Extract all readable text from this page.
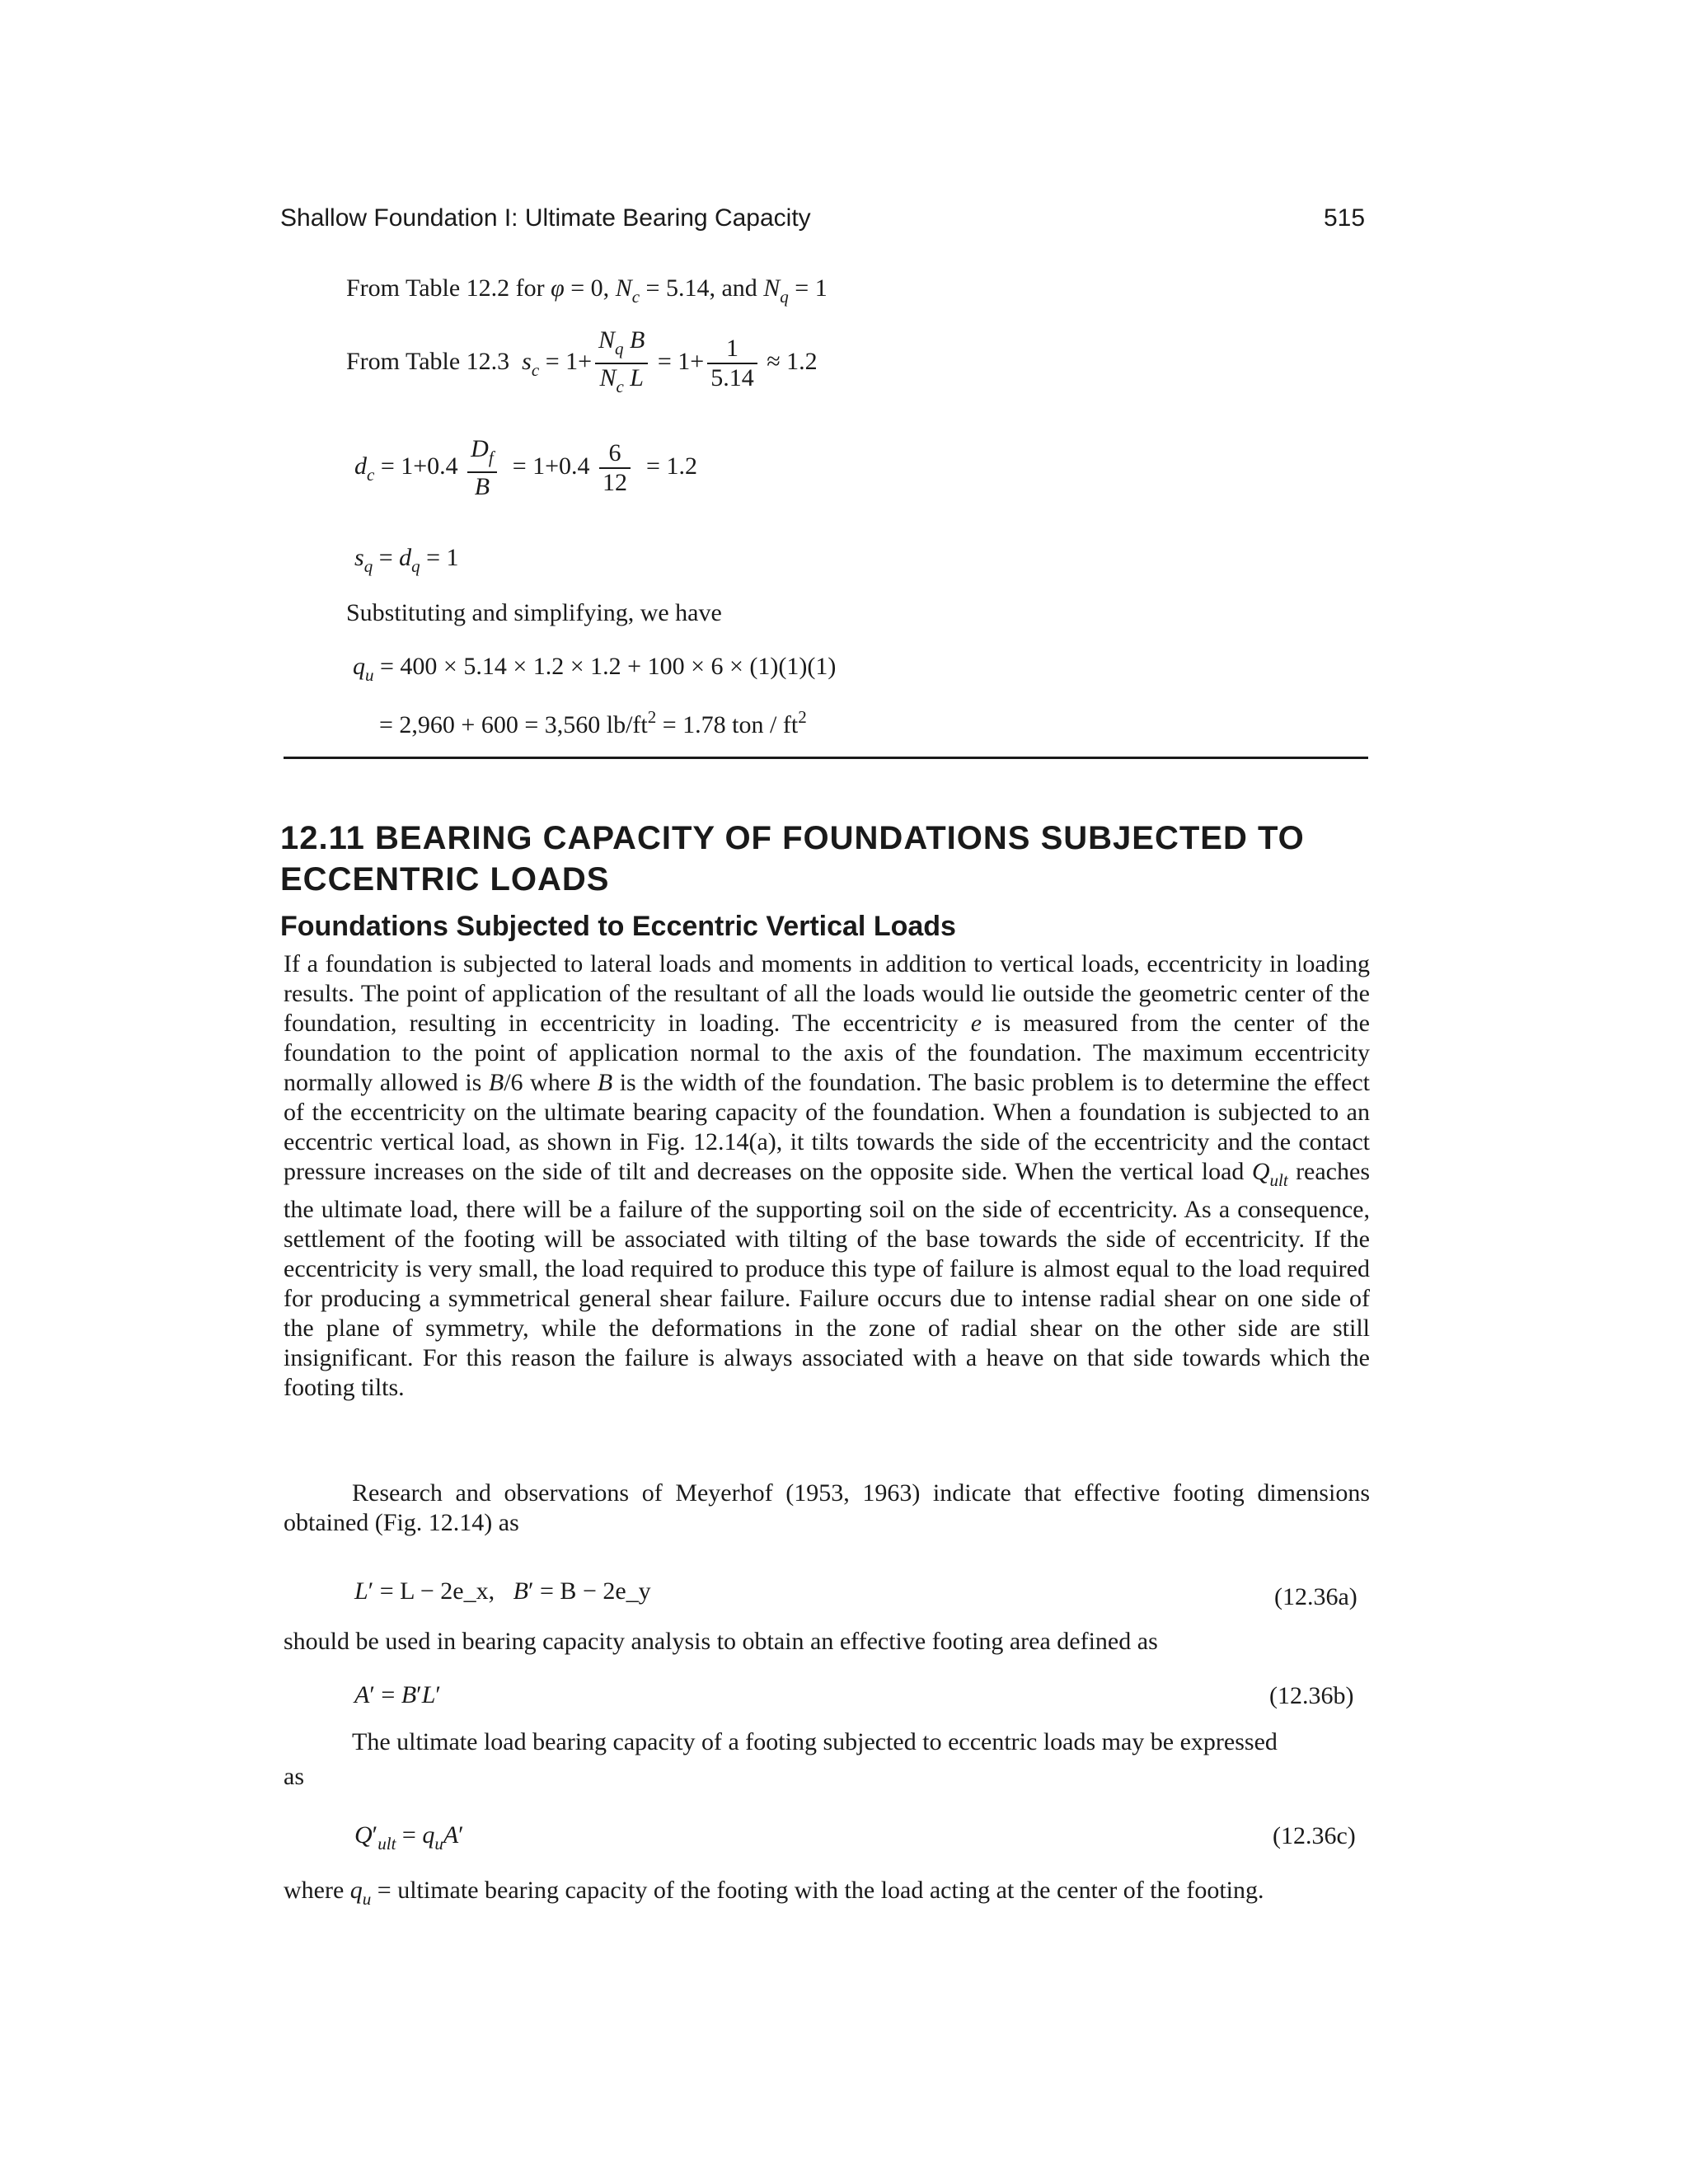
Shallow Foundation I: Ultimate Bearing Capacity	515
From Table 12.2 for φ = 0, $N_c = 5.14$, and $N_q = 1$
From Table 12.3  $s_c = 1+ \frac{N_q B}{N_c L} = 1+ \frac{1}{5.14} \approx 1.2$
$d_c = 1+0.4 \frac{D_f}{B} = 1+0.4 \frac{6}{12} = 1.2$
$s_q = d_q = 1$
Substituting and simplifying, we have
$q_u = 400 \times 5.14 \times 1.2 \times 1.2 + 100 \times 6 \times (1)(1)(1)$
= 2,960 + 600 = 3,560 $lb/ft^2 = 1.78$ ton / $ft^2$
12.11 BEARING CAPACITY OF FOUNDATIONS SUBJECTED TO
ECCENTRIC LOADS
Foundations Subjected to Eccentric Vertical Loads
If a foundation is subjected to lateral loads and moments in addition to vertical loads, eccentricity in loading results. The point of application of the resultant of all the loads would lie outside the geometric center of the foundation, resulting in eccentricity in loading. The eccentricity e is measured from the center of the foundation to the point of application normal to the axis of the foundation. The maximum eccentricity normally allowed is B/6 where B is the width of the foundation. The basic problem is to determine the effect of the eccentricity on the ultimate bearing capacity of the foundation. When a foundation is subjected to an eccentric vertical load, as shown in Fig. 12.14(a), it tilts towards the side of the eccentricity and the contact pressure increases on the side of tilt and decreases on the opposite side. When the vertical load $Q_{ult}$ reaches the ultimate load, there will be a failure of the supporting soil on the side of eccentricity. As a consequence, settlement of the footing will be associated with tilting of the base towards the side of eccentricity. If the eccentricity is very small, the load required to produce this type of failure is almost equal to the load required for producing a symmetrical general shear failure. Failure occurs due to intense radial shear on one side of the plane of symmetry, while the deformations in the zone of radial shear on the other side are still insignificant. For this reason the failure is always associated with a heave on that side towards which the footing tilts.
Research and observations of Meyerhof (1953, 1963) indicate that effective footing dimensions obtained (Fig. 12.14) as
L′ = L − 2e_x,   B′ = B − 2e_y	(12.36a)
should be used in bearing capacity analysis to obtain an effective footing area defined as
A′ = B′L′	(12.36b)
The ultimate load bearing capacity of a footing subjected to eccentric loads may be expressed
as
$Q'_{ult} = q_uA'$	(12.36c)
where $q_u$ = ultimate bearing capacity of the footing with the load acting at the center of the footing.
